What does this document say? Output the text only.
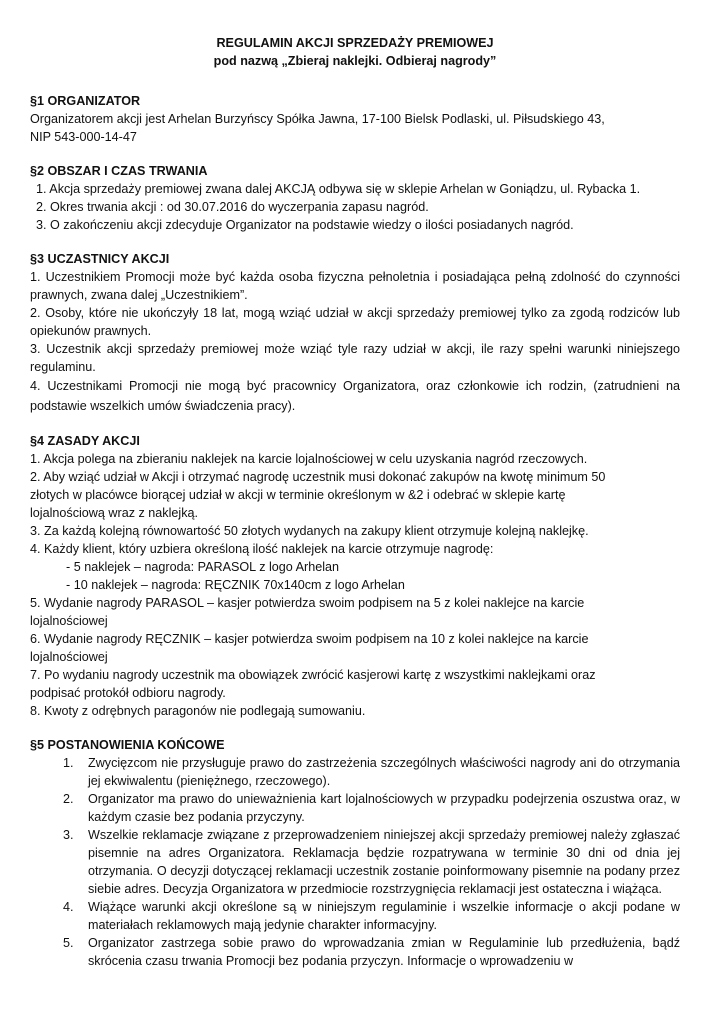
REGULAMIN AKCJI SPRZEDAŻY PREMIOWEJ

pod nazwą „Zbieraj naklejki. Odbieraj nagrody”

§1 ORGANIZATOR

Organizatorem akcji jest Arhelan Burzyńscy Spółka Jawna, 17-100 Bielsk Podlaski, ul. Piłsudskiego 43,

NIP 543-000-14-47

§2 OBSZAR I CZAS TRWANIA

1. Akcja sprzedaży premiowej zwana dalej AKCJĄ odbywa się w sklepie Arhelan w Goniądzu, ul. Rybacka 1.

2. Okres trwania akcji : od 30.07.2016 do wyczerpania zapasu nagród.

3. O zakończeniu akcji zdecyduje Organizator na podstawie wiedzy o ilości posiadanych nagród.

§3 UCZASTNICY AKCJI

1. Uczestnikiem Promocji może być każda osoba fizyczna pełnoletnia i posiadająca pełną zdolność do czynności prawnych, zwana dalej „Uczestnikiem”.

2. Osoby, które nie ukończyły 18 lat, mogą wziąć udział w akcji sprzedaży premiowej tylko za zgodą rodziców lub opiekunów prawnych.

3. Uczestnik akcji sprzedaży premiowej może wziąć tyle razy udział w akcji, ile razy spełni warunki niniejszego regulaminu.

4. Uczestnikami Promocji nie mogą być pracownicy Organizatora, oraz członkowie ich rodzin, (zatrudnieni na podstawie wszelkich umów świadczenia pracy).

§4 ZASADY AKCJI

1. Akcja polega na zbieraniu naklejek na karcie lojalnościowej w celu uzyskania nagród rzeczowych.

2. Aby wziąć udział w Akcji i otrzymać nagrodę uczestnik musi dokonać zakupów na kwotę minimum 50

złotych w placówce biorącej udział w akcji w terminie określonym w &2 i odebrać w sklepie kartę

lojalnościową wraz z naklejką.

3. Za każdą kolejną równowartość 50 złotych wydanych na zakupy klient otrzymuje kolejną naklejkę.

4. Każdy klient, który uzbiera określoną ilość naklejek na karcie otrzymuje nagrodę:

- 5 naklejek – nagroda: PARASOL z logo Arhelan

- 10 naklejek – nagroda: RĘCZNIK 70x140cm z logo Arhelan

5. Wydanie nagrody PARASOL – kasjer potwierdza swoim podpisem na 5 z kolei naklejce na karcie

lojalnościowej

6. Wydanie nagrody RĘCZNIK – kasjer potwierdza swoim podpisem na 10 z kolei naklejce na karcie

lojalnościowej

7. Po wydaniu nagrody uczestnik ma obowiązek zwrócić kasjerowi kartę z wszystkimi naklejkami oraz

podpisać protokół odbioru nagrody.

8. Kwoty z odrębnych paragonów nie podlegają sumowaniu.

§5 POSTANOWIENIA KOŃCOWE

1. Zwycięzcom nie przysługuje prawo do zastrzeżenia szczególnych właściwości nagrody ani do otrzymania jej ekwiwalentu (pieniężnego, rzeczowego).
2. Organizator ma prawo do unieważnienia kart lojalnościowych w przypadku podejrzenia oszustwa oraz, w każdym czasie bez podania przyczyny.
3. Wszelkie reklamacje związane z przeprowadzeniem niniejszej akcji sprzedaży premiowej należy zgłaszać pisemnie na adres Organizatora. Reklamacja będzie rozpatrywana w terminie 30 dni od dnia jej otrzymania. O decyzji dotyczącej reklamacji uczestnik zostanie poinformowany pisemnie na podany przez siebie adres. Decyzja Organizatora w przedmiocie rozstrzygnięcia reklamacji jest ostateczna i wiążąca.
4. Wiążące warunki akcji określone są w niniejszym regulaminie i wszelkie informacje o akcji podane w materiałach reklamowych mają jedynie charakter informacyjny.
5. Organizator zastrzega sobie prawo do wprowadzania zmian w Regulaminie lub przedłużenia, bądź skrócenia czasu trwania Promocji bez podania przyczyn. Informacje o wprowadzeniu w
